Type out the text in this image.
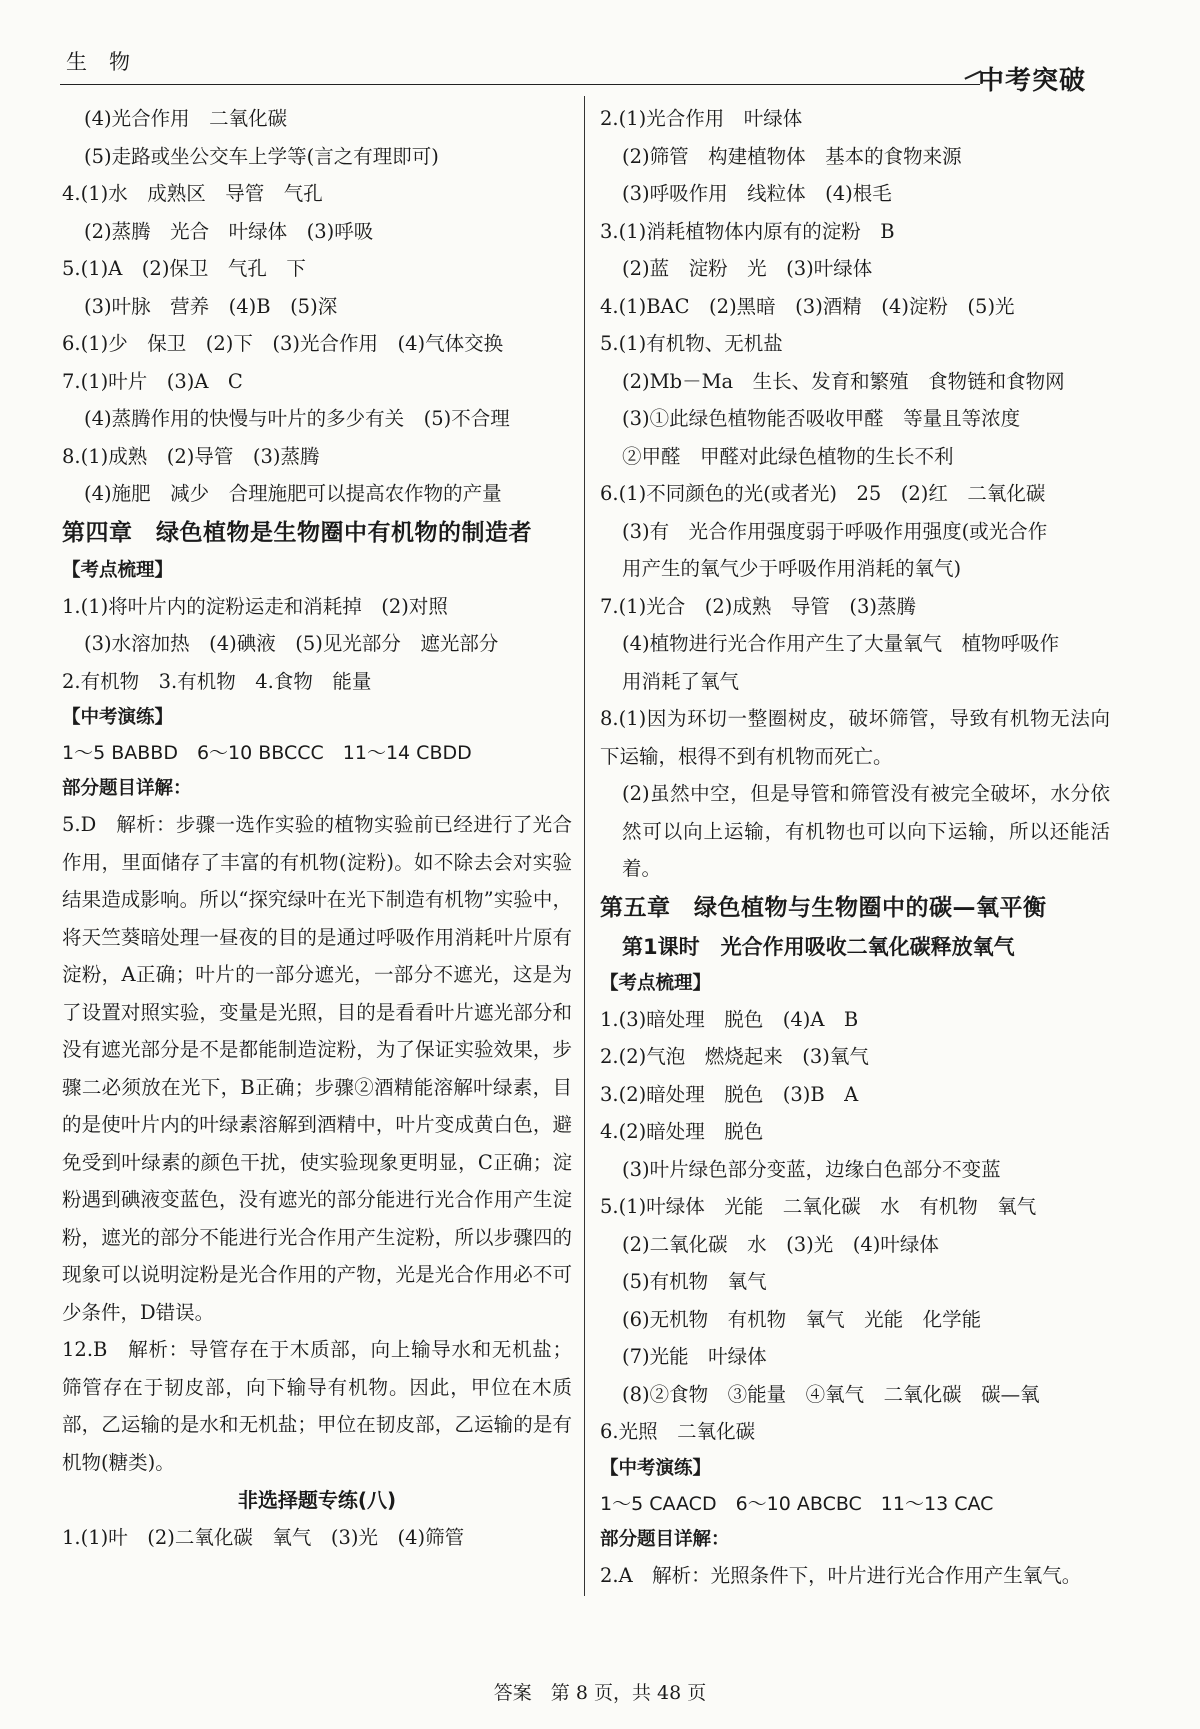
生物
中考突破
(4)光合作用　二氧化碳
(5)走路或坐公交车上学等(言之有理即可)
4.(1)水　成熟区　导管　气孔
(2)蒸腾　光合　叶绿体　(3)呼吸
5.(1)A　(2)保卫　气孔　下
(3)叶脉　营养　(4)B　(5)深
6.(1)少　保卫　(2)下　(3)光合作用　(4)气体交换
7.(1)叶片　(3)A　C
(4)蒸腾作用的快慢与叶片的多少有关　(5)不合理
8.(1)成熟　(2)导管　(3)蒸腾
(4)施肥　减少　合理施肥可以提高农作物的产量
第四章　绿色植物是生物圈中有机物的制造者
【考点梳理】
1.(1)将叶片内的淀粉运走和消耗掉　(2)对照
(3)水溶加热　(4)碘液　(5)见光部分　遮光部分
2.有机物　3.有机物　4.食物　能量
【中考演练】
1～5 BABBD　6～10 BBCCC　11～14 CBDD
部分题目详解：
5.D　解析：步骤一选作实验的植物实验前已经进行了光合作用，里面储存了丰富的有机物(淀粉)。如不除去会对实验结果造成影响。所以“探究绿叶在光下制造有机物”实验中，将天竺葵暗处理一昼夜的目的是通过呼吸作用消耗叶片原有淀粉，A正确；叶片的一部分遮光，一部分不遮光，这是为了设置对照实验，变量是光照，目的是看看叶片遮光部分和没有遮光部分是不是都能制造淀粉，为了保证实验效果，步骤二必须放在光下，B正确；步骤②酒精能溶解叶绿素，目的是使叶片内的叶绿素溶解到酒精中，叶片变成黄白色，避免受到叶绿素的颜色干扰，使实验现象更明显，C正确；淀粉遇到碘液变蓝色，没有遮光的部分能进行光合作用产生淀粉，遮光的部分不能进行光合作用产生淀粉，所以步骤四的现象可以说明淀粉是光合作用的产物，光是光合作用必不可少条件，D错误。
12.B　解析：导管存在于木质部，向上输导水和无机盐；筛管存在于韧皮部，向下输导有机物。因此，甲位在木质部，乙运输的是水和无机盐；甲位在韧皮部，乙运输的是有机物(糖类)。
非选择题专练(八)
1.(1)叶　(2)二氧化碳　氧气　(3)光　(4)筛管
2.(1)光合作用　叶绿体
(2)筛管　构建植物体　基本的食物来源
(3)呼吸作用　线粒体　(4)根毛
3.(1)消耗植物体内原有的淀粉　B
(2)蓝　淀粉　光　(3)叶绿体
4.(1)BAC　(2)黑暗　(3)酒精　(4)淀粉　(5)光
5.(1)有机物、无机盐
(2)Mb－Ma　生长、发育和繁殖　食物链和食物网
(3)①此绿色植物能否吸收甲醛　等量且等浓度
②甲醛　甲醛对此绿色植物的生长不利
6.(1)不同颜色的光(或者光)　25　(2)红　二氧化碳
(3)有　光合作用强度弱于呼吸作用强度(或光合作
用产生的氧气少于呼吸作用消耗的氧气)
7.(1)光合　(2)成熟　导管　(3)蒸腾
(4)植物进行光合作用产生了大量氧气　植物呼吸作
用消耗了氧气
8.(1)因为环切一整圈树皮，破坏筛管，导致有机物无法向下运输，根得不到有机物而死亡。
(2)虽然中空，但是导管和筛管没有被完全破坏，水分依然可以向上运输，有机物也可以向下运输，所以还能活着。
第五章　绿色植物与生物圈中的碳—氧平衡
第1课时　光合作用吸收二氧化碳释放氧气
【考点梳理】
1.(3)暗处理　脱色　(4)A　B
2.(2)气泡　燃烧起来　(3)氧气
3.(2)暗处理　脱色　(3)B　A
4.(2)暗处理　脱色
(3)叶片绿色部分变蓝，边缘白色部分不变蓝
5.(1)叶绿体　光能　二氧化碳　水　有机物　氧气
(2)二氧化碳　水　(3)光　(4)叶绿体
(5)有机物　氧气
(6)无机物　有机物　氧气　光能　化学能
(7)光能　叶绿体
(8)②食物　③能量　④氧气　二氧化碳　碳—氧
6.光照　二氧化碳
【中考演练】
1～5 CAACD　6～10 ABCBC　11～13 CAC
部分题目详解：
2.A　解析：光照条件下，叶片进行光合作用产生氧气。
答案　第 8 页，共 48 页
